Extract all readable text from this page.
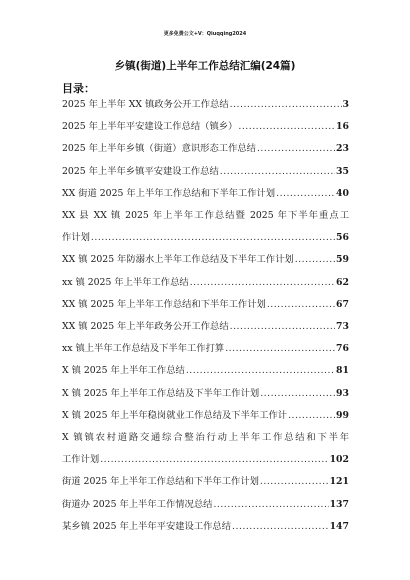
更多免费公文+V：Qiuqqing2024
乡镇(街道)上半年工作总结汇编(24篇)
目录：
2025 年上半年 XX 镇政务公开工作总结 .....	3
2025 年上半年平安建设工作总结（镇乡） .....	16
2025 年上半年乡镇（街道）意识形态工作总结 .....	23
2025 年上半年乡镇平安建设工作总结 .....	35
XX 街道 2025 年上半年工作总结和下半年工作计划 .....	40
XX 县 XX 镇 2025 年上半年工作总结暨 2025 年下半年重点工
作计划 .....	56
XX 镇 2025 年防溺水上半年工作总结及下半年工作计划 .....	59
xx 镇 2025 年上半年工作总结 .....	62
XX 镇 2025 年上半年工作总结和下半年工作计划 .....	67
XX 镇 2025 年上半年政务公开工作总结 .....	73
xx 镇上半年工作总结及下半年工作打算 .....	76
X 镇 2025 年上半年工作总结 .....	81
X 镇 2025 年上半年工作总结及下半年工作计划 .....	93
X 镇 2025 年上半年稳岗就业工作总结及下半年工作计 .....	99
X 镇镇农村道路交通综合整治行动上半年工作总结和下半年
工作计划 .....	102
街道 2025 年上半年工作总结和下半年工作计划 .....	121
街道办 2025 年上半年工作情况总结 .....	137
某乡镇 2025 年上半年平安建设工作总结 .....	147
